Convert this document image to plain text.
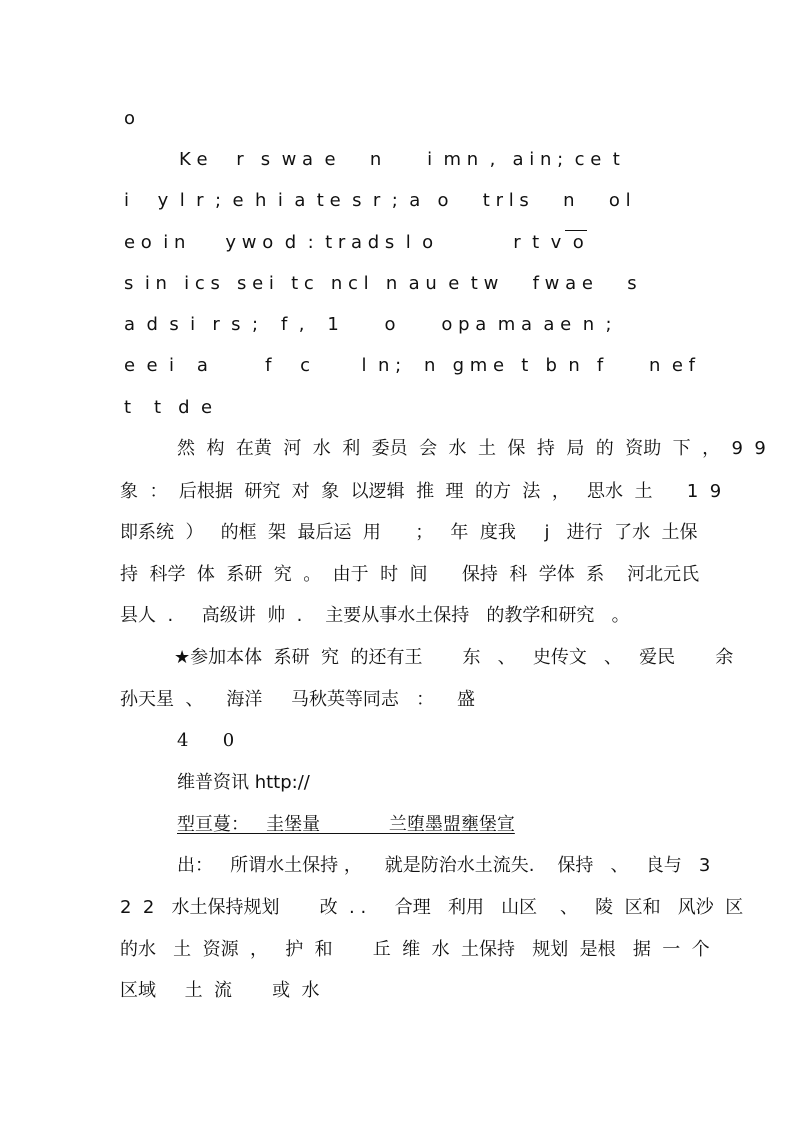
o

K e     r   s  w a  e      n        i  m n  ,   a i n ;  c e  t

i     y  l  r  ;  e  h  i  a  t e  s  r  ;  a   o      t r l s      n      o l

e o  i n       y w o  d  :  t r a d s  l  o              r  t  v  o

s  i n   i c s   s e i   t c   n c l   n  a u  e  t w      f w a e      s

a  d  s  i   r  s  ;    f  ,    1        o        o p a  m a  a e  n  ;

e  e  i    a          f     c         l  n ;    n   g m e   t   b  n   f        n  e f

t    t   d  e

然  构  在黄  河  水  利  委员  会  水  土  保  持  局  的  资助  下  ，  9  9

象  ：  后根据  研究  对  象  以逻辑  推  理  的方  法  ，   思水  土      1  9

即系统  ）   的框  架  最后运  用      ；   年  度我     j   进行  了水  土保

持  科学  体  系研  究  。  由于  时  间      保持  科  学体  系    河北元氏

县人  .     高级讲  帅  .    主要从事水土保持   的教学和研究   。

★参加本体  系研  究  的还有王       东   、   史传文   、   爱民       余

孙天星  、    海洋     马秋英等同志   ：    盛

4      0

维普资讯 http://

型亘蔓：   圭堡量            兰堕墨盟壅堡宣

出：   所谓水土保持 ，    就是防治水土流失.    保持   、   良与   3

2  2   水土保持规划       改  . .     合理   利用   山区    、   陵  区和   风沙  区

的水   土  资源  ，   护  和       丘  维  水  土保持   规划  是根   据  一  个

区域     土  流       或  水
